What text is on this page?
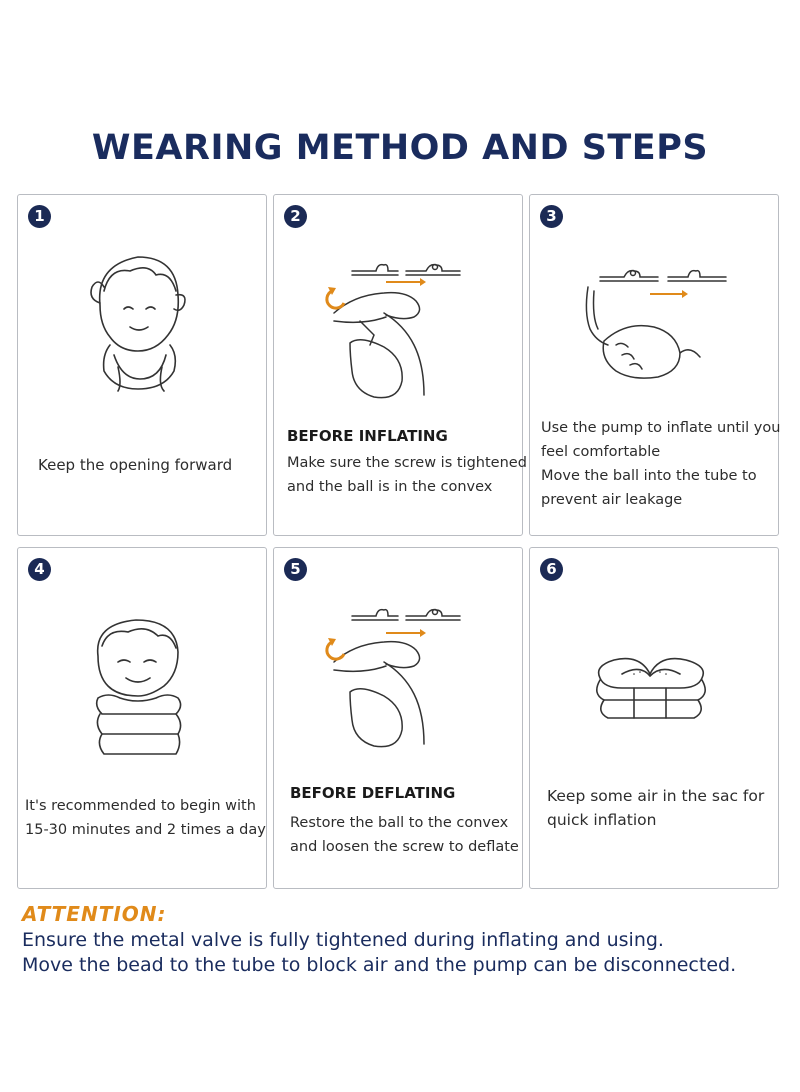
WEARING METHOD AND STEPS
1
Keep the opening forward
2
BEFORE INFLATING
Make sure the screw is tightened
and the ball is in the convex
3
Use the pump to inflate until you
feel comfortable
Move the ball into the tube to
prevent air leakage
4
It's recommended to begin with
15-30 minutes and 2 times a day
5
BEFORE DEFLATING
Restore the ball to the convex
and loosen the screw to deflate
6
Keep some air in the sac for
quick inflation
ATTENTION:
Ensure the metal valve is fully tightened during inflating and using.
Move the bead to the tube to block air and the pump can be disconnected.
